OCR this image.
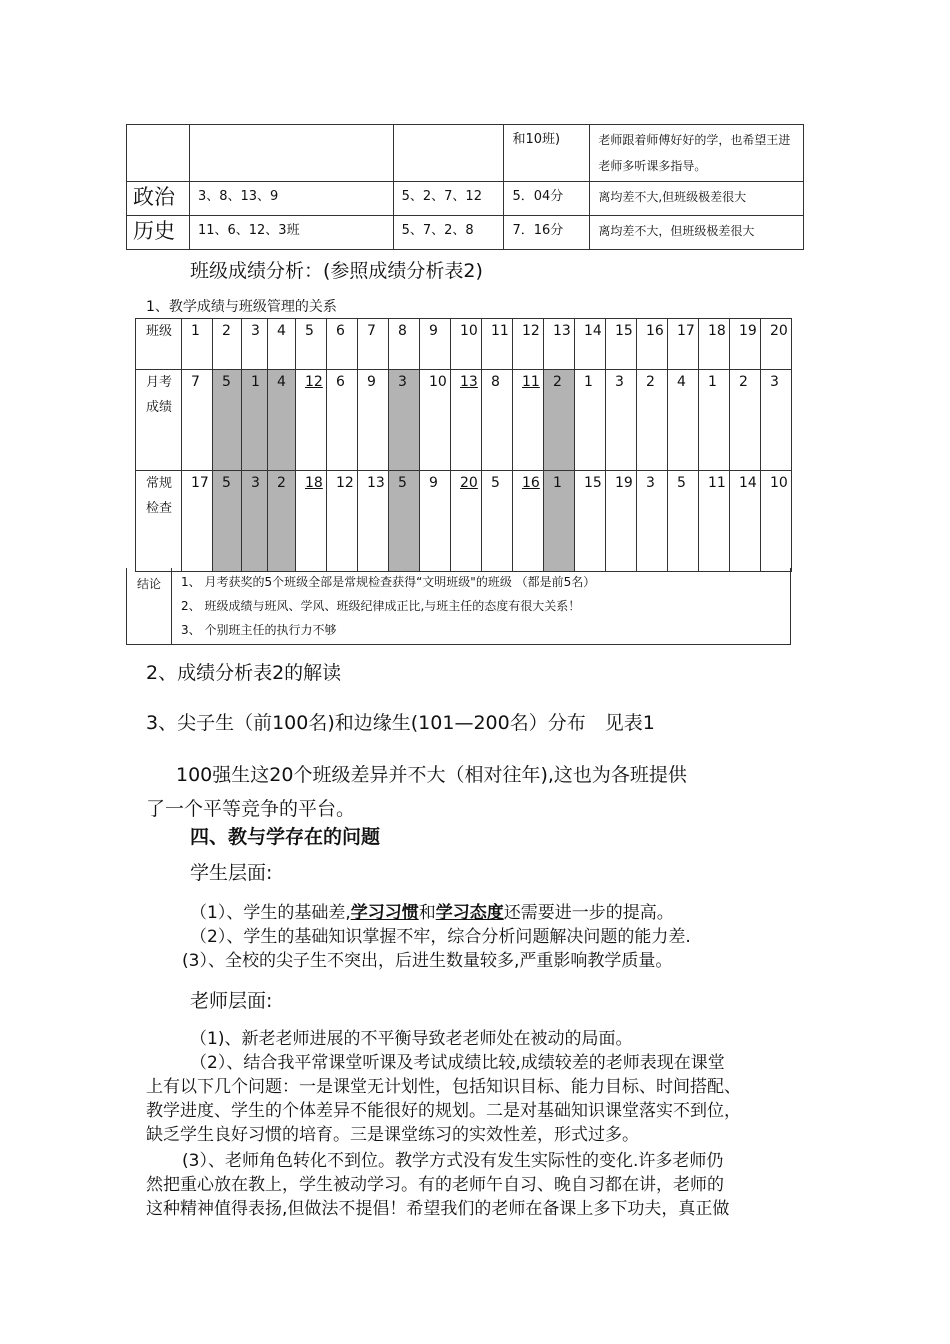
			和10班)	老师跟着师傅好好的学，也希望王进老师多听课多指导。
政治	3、8、13、9	5、2、7、12	5．04分	离均差不大,但班级极差很大
历史	11、6、12、3班	5、7、2、8	7．16分	离均差不大，但班级极差很大
班级成绩分析：(参照成绩分析表2)
1、教学成绩与班级管理的关系
班级	1	2	3	4	5	6	7	8	9	10	11	12	13	14	15	16	17	18	19	20
月考成绩	7	5	1	4	12	6	9	3	10	13	8	11	2	1	3	2	4	1	2	3
常规检查	17	5	3	2	18	12	13	5	9	20	5	16	1	15	19	3	5	11	14	10
结论	1、 月考获奖的5个班级全部是常规检查获得“文明班级"的班级 （都是前5名）
2、 班级成绩与班风、学风、班级纪律成正比,与班主任的态度有很大关系！
3、 个别班主任的执行力不够
2、成绩分析表2的解读
3、尖子生（前100名)和边缘生(101—200名）分布　见表1
100强生这20个班级差异并不大（相对往年),这也为各班提供
了一个平等竞争的平台。
四、教与学存在的问题
学生层面:
（1）、学生的基础差,学习习惯和学习态度还需要进一步的提高。
（2）、学生的基础知识掌握不牢，综合分析问题解决问题的能力差.
(3）、全校的尖子生不突出，后进生数量较多,严重影响教学质量。
老师层面:
（1)、新老老师进展的不平衡导致老老师处在被动的局面。
（2）、结合我平常课堂听课及考试成绩比较,成绩较差的老师表现在课堂
上有以下几个问题：一是课堂无计划性，包括知识目标、能力目标、时间搭配、
教学进度、学生的个体差异不能很好的规划。二是对基础知识课堂落实不到位，
缺乏学生良好习惯的培育。三是课堂练习的实效性差，形式过多。
(3）、老师角色转化不到位。教学方式没有发生实际性的变化.许多老师仍
然把重心放在教上，学生被动学习。有的老师午自习、晚自习都在讲，老师的
这种精神值得表扬,但做法不提倡！希望我们的老师在备课上多下功夫，真正做
